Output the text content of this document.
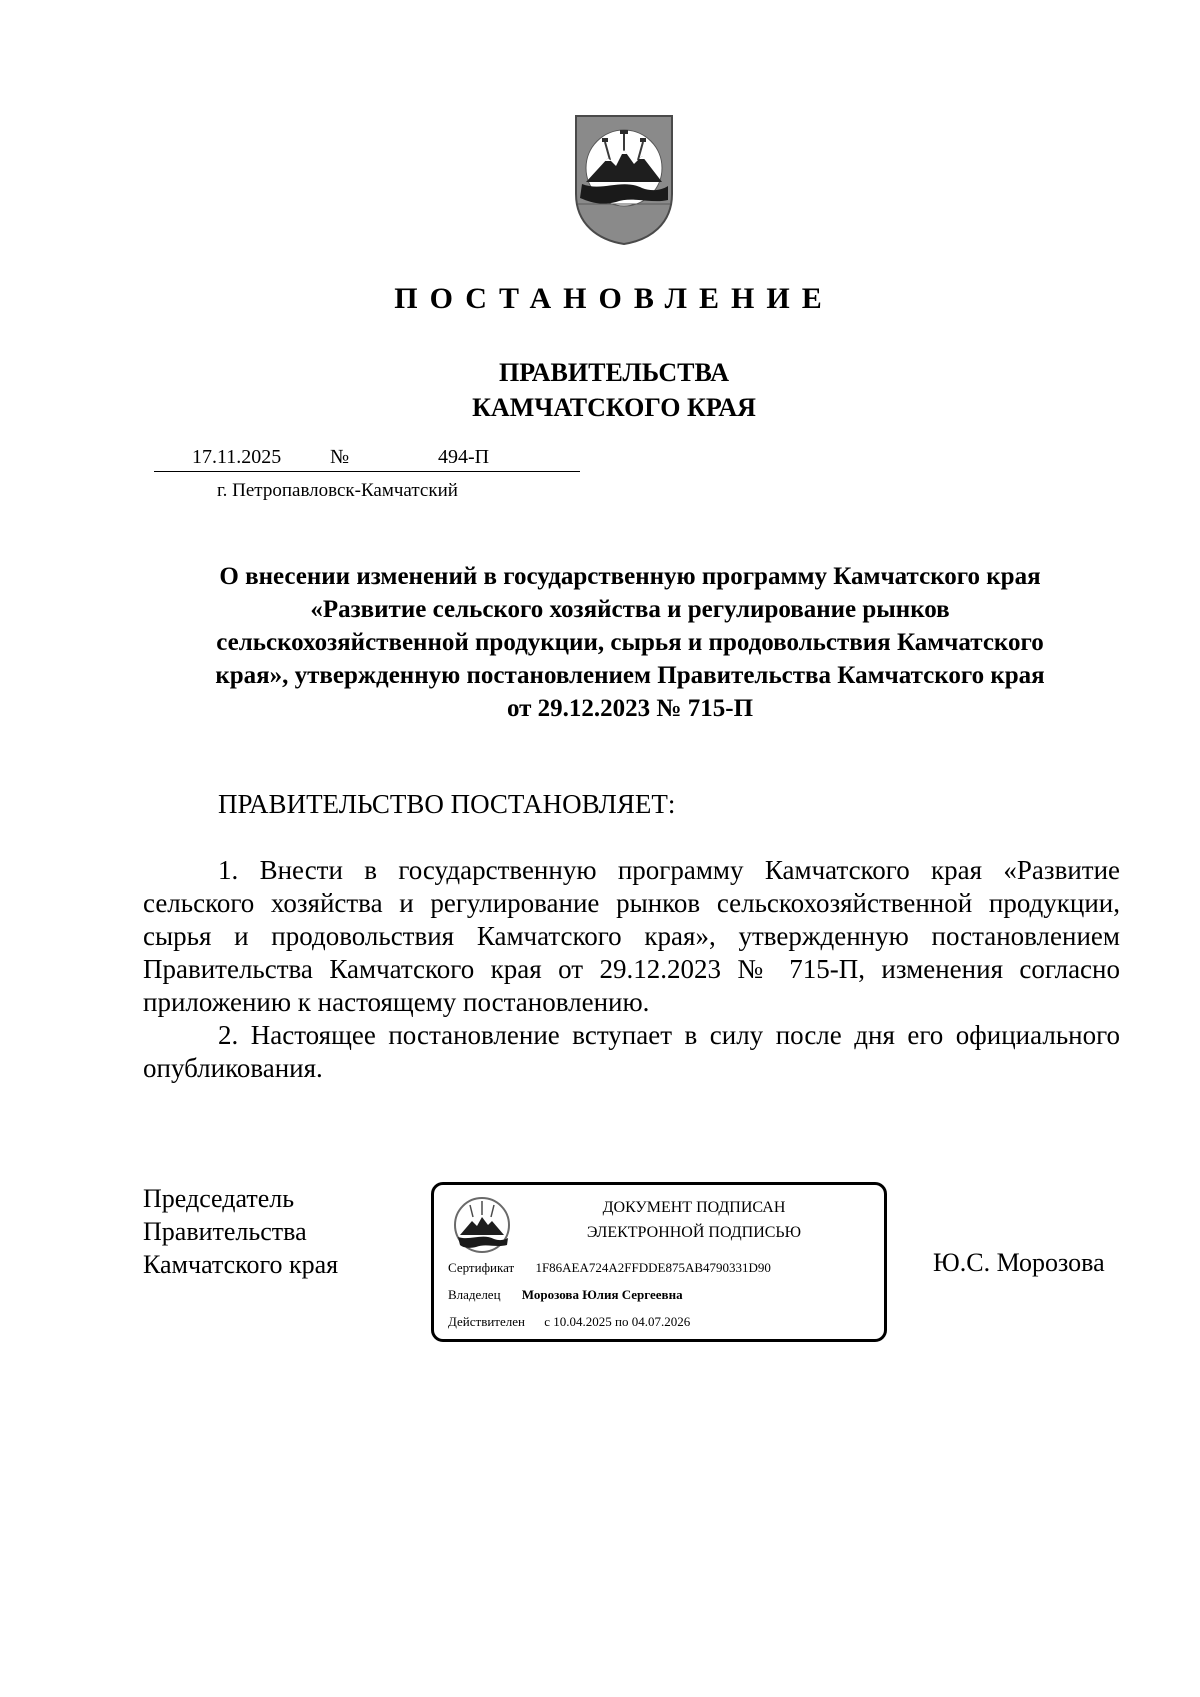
ПОСТАНОВЛЕНИЕ
ПРАВИТЕЛЬСТВА
КАМЧАТСКОГО КРАЯ
17.11.2025 №	494-П
г. Петропавловск-Камчатский
О внесении изменений в государственную программу Камчатского края
«Развитие сельского хозяйства и регулирование рынков
сельскохозяйственной продукции, сырья и продовольствия Камчатского
края», утвержденную постановлением Правительства Камчатского края
от 29.12.2023 № 715-П
ПРАВИТЕЛЬСТВО ПОСТАНОВЛЯЕТ:
1. Внести в государственную программу Камчатского края «Развитие
сельского хозяйства и регулирование рынков сельскохозяйственной продукции,
сырья и продовольствия Камчатского края», утвержденную постановлением
Правительства Камчатского края от 29.12.2023 № 715-П, изменения согласно
приложению к настоящему постановлению.
2. Настоящее постановление вступает в силу после дня его официального
опубликования.
Председатель
Правительства
Камчатского края
ДОКУМЕНТ ПОДПИСАН
ЭЛЕКТРОННОЙ ПОДПИСЬЮ
Сертификат 1F86AEA724A2FFDDE875AB4790331D90
Владелец Морозова Юлия Сергеевна
Действителен с 10.04.2025 по 04.07.2026
Ю.С. Морозова
